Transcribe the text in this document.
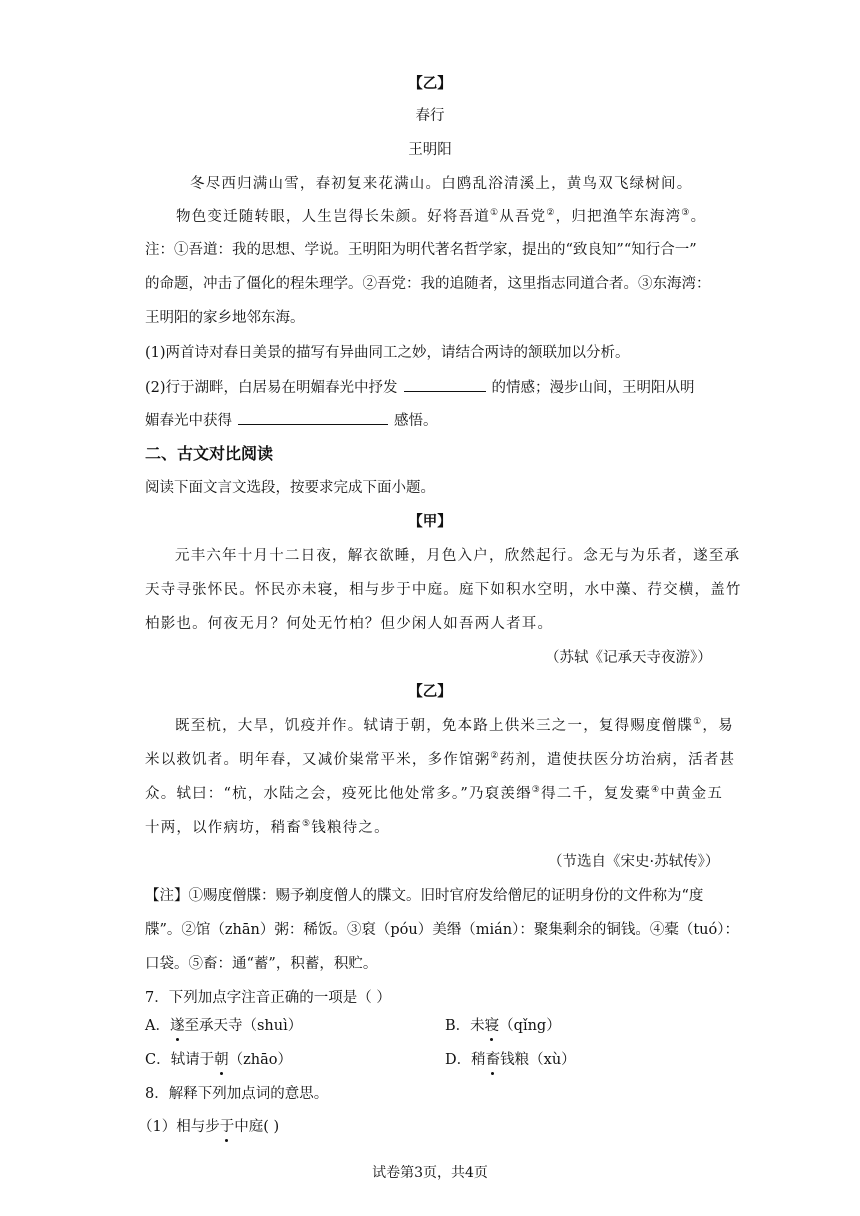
【乙】
春行
王明阳
冬尽西归满山雪，春初复来花满山。白鸥乱浴清溪上，黄鸟双飞绿树间。
物色变迁随转眼，人生岂得长朱颜。好将吾道①从吾党②，归把渔竿东海湾③。
注：①吾道：我的思想、学说。王明阳为明代著名哲学家，提出的“致良知”“知行合一”
的命题，冲击了僵化的程朱理学。②吾党：我的追随者，这里指志同道合者。③东海湾：
王明阳的家乡地邻东海。
(1)两首诗对春日美景的描写有异曲同工之妙，请结合两诗的颔联加以分析。
(2)行于湖畔，白居易在明媚春光中抒发	的情感；漫步山间，王明阳从明
媚春光中获得	感悟。
二、古文对比阅读
阅读下面文言文选段，按要求完成下面小题。
【甲】
元丰六年十月十二日夜，解衣欲睡，月色入户，欣然起行。念无与为乐者，遂至承
天寺寻张怀民。怀民亦未寝，相与步于中庭。庭下如积水空明，水中藻、荇交横，盖竹
柏影也。何夜无月？何处无竹柏？但少闲人如吾两人者耳。
（苏轼《记承天寺夜游》）
【乙】
既至杭，大旱，饥疫并作。轼请于朝，免本路上供米三之一，复得赐度僧牒①，易
米以救饥者。明年春，又减价粜常平米，多作馆粥②药剂，遣使扶医分坊治病，活者甚
众。轼曰：“杭，水陆之会，疫死比他处常多。”乃裒羡缗③得二千，复发橐④中黄金五
十两，以作病坊，稍畜⑤钱粮待之。
（节选自《宋史·苏轼传》）
【注】①赐度僧牒：赐予剃度僧人的牒文。旧时官府发给僧尼的证明身份的文件称为“度
牒”。②馆（zhān）粥：稀饭。③裒（póu）美缗（mián）：聚集剩余的铜钱。④橐（tuó）：
口袋。⑤畜：通“蓄”，积蓄，积贮。
7．下列加点字注音正确的一项是（ ）
A．遂至承天寺（shuì）	B．未寝（qǐng）
C．轼请于朝（zhāo）	D．稍畜钱粮（xù）
8．解释下列加点词的意思。
（1）相与步于中庭( )
试卷第3页，共4页
